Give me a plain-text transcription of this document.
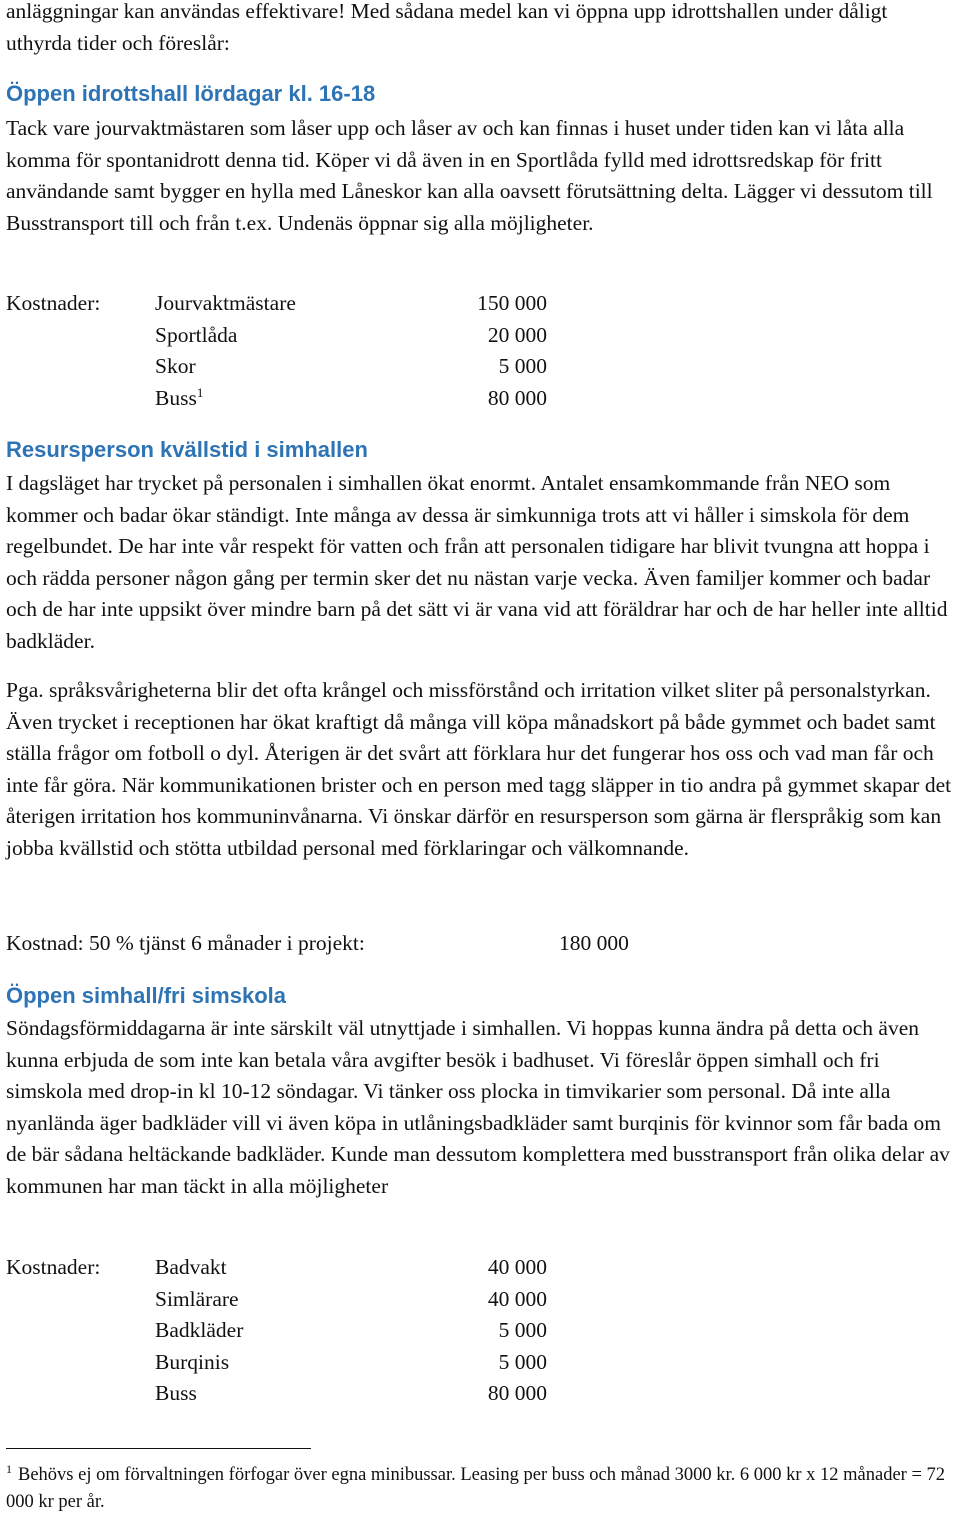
anläggningar kan användas effektivare! Med sådana medel kan vi öppna upp idrottshallen under dåligt uthyrda tider och föreslår:

Öppen idrottshall lördagar kl. 16-18

Tack vare jourvaktmästaren som låser upp och låser av och kan finnas i huset under tiden kan vi låta alla komma för spontanidrott denna tid. Köper vi då även in en Sportlåda fylld med idrottsredskap för fritt användande samt bygger en hylla med Låneskor kan alla oavsett förutsättning delta. Lägger vi dessutom till Busstransport till och från t.ex. Undenäs öppnar sig alla möjligheter.

Kostnader:	Jourvaktmästare	150 000
Sportlåda	20 000
Skor	5 000
Buss$^1$	80 000
Resursperson kvällstid i simhallen

I dagsläget har trycket på personalen i simhallen ökat enormt. Antalet ensamkommande från NEO som kommer och badar ökar ständigt. Inte många av dessa är simkunniga trots att vi håller i simskola för dem regelbundet. De har inte vår respekt för vatten och från att personalen tidigare har blivit tvungna att hoppa i och rädda personer någon gång per termin sker det nu nästan varje vecka. Även familjer kommer och badar och de har inte uppsikt över mindre barn på det sätt vi är vana vid att föräldrar har och de har heller inte alltid badkläder.

Pga. språksvårigheterna blir det ofta krångel och missförstånd och irritation vilket sliter på personalstyrkan. Även trycket i receptionen har ökat kraftigt då många vill köpa månadskort på både gymmet och badet samt ställa frågor om fotboll o dyl. Återigen är det svårt att förklara hur det fungerar hos oss och vad man får och inte får göra. När kommunikationen brister och en person med tagg släpper in tio andra på gymmet skapar det återigen irritation hos kommuninvånarna. Vi önskar därför en resursperson som gärna är flerspråkig som kan jobba kvällstid och stötta utbildad personal med förklaringar och välkomnande.

Kostnad: 50 % tjänst 6 månader i projekt:	180 000
Öppen simhall/fri simskola

Söndagsförmiddagarna är inte särskilt väl utnyttjade i simhallen. Vi hoppas kunna ändra på detta och även kunna erbjuda de som inte kan betala våra avgifter besök i badhuset. Vi föreslår öppen simhall och fri simskola med drop-in kl 10-12 söndagar. Vi tänker oss plocka in timvikarier som personal. Då inte alla nyanlända äger badkläder vill vi även köpa in utlåningsbadkläder samt burqinis för kvinnor som får bada om de bär sådana heltäckande badkläder. Kunde man dessutom komplettera med busstransport från olika delar av kommunen har man täckt in alla möjligheter

Kostnader:	Badvakt	40 000
Simlärare	40 000
Badkläder	5 000
Burqinis	5 000
Buss	80 000
$^1$ Behövs ej om förvaltningen förfogar över egna minibussar. Leasing per buss och månad 3000 kr. 6 000 kr x 12 månader = 72 000 kr per år.
